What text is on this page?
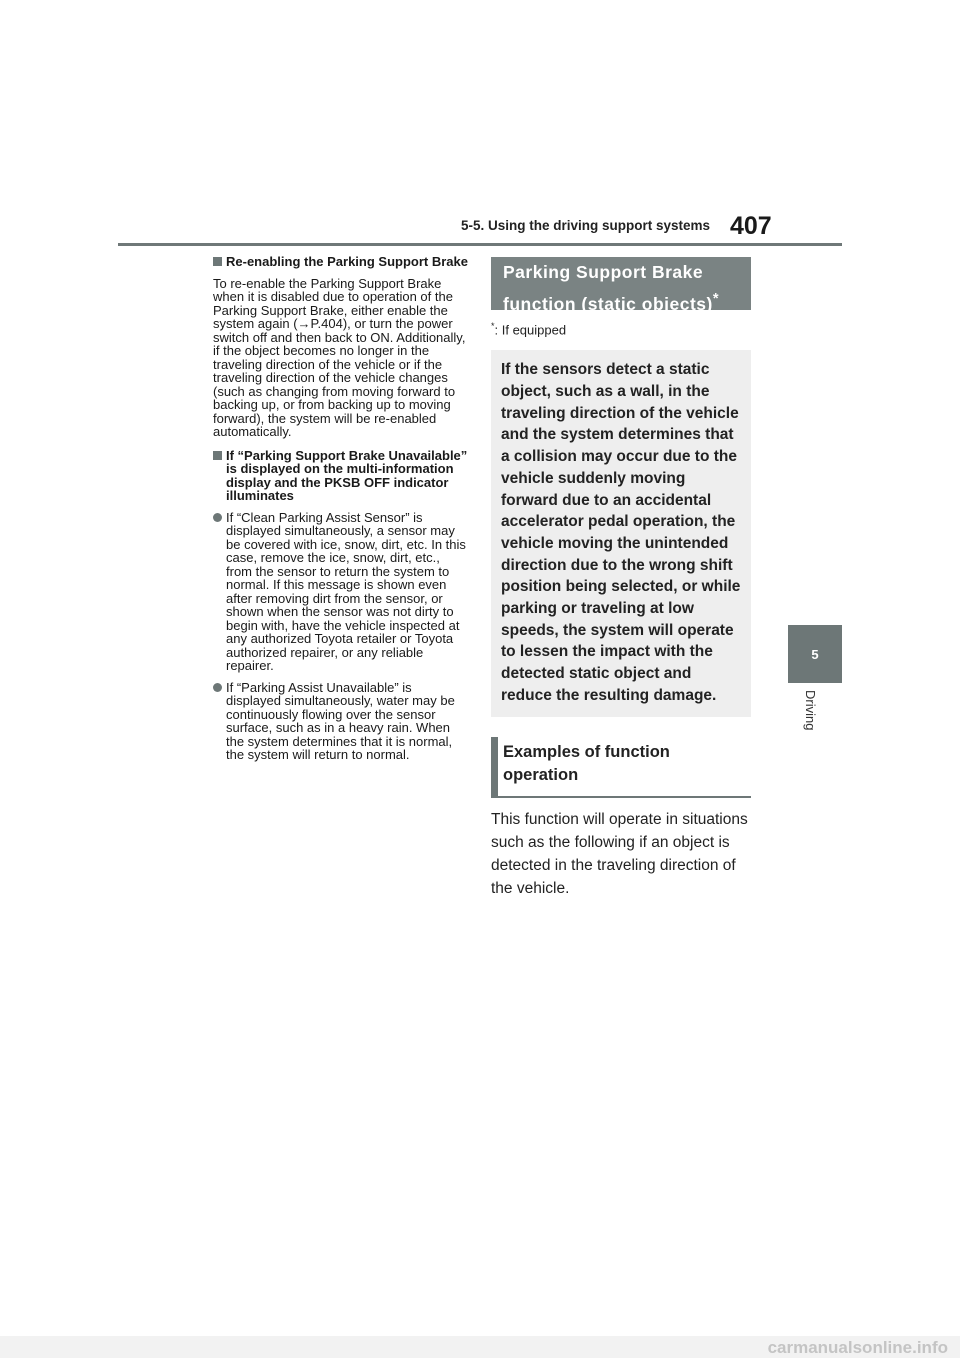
5-5. Using the driving support systems 407
5
Driving
Re-enabling the Parking Support Brake

To re-enable the Parking Support Brake when it is disabled due to operation of the Parking Support Brake, either enable the system again (→P.404), or turn the power switch off and then back to ON. Additionally, if the object becomes no longer in the traveling direction of the vehicle or if the traveling direction of the vehicle changes (such as changing from moving forward to backing up, or from backing up to moving forward), the system will be re-enabled automatically.

If “Parking Support Brake Unavailable” is displayed on the multi-information display and the PKSB OFF indicator illuminates
If “Clean Parking Assist Sensor” is displayed simultaneously, a sensor may be covered with ice, snow, dirt, etc. In this case, remove the ice, snow, dirt, etc., from the sensor to return the system to normal. If this message is shown even after removing dirt from the sensor, or shown when the sensor was not dirty to begin with, have the vehicle inspected at any authorized Toyota retailer or Toyota authorized repairer, or any reliable repairer.
If “Parking Assist Unavailable” is displayed simultaneously, water may be continuously flowing over the sensor surface, such as in a heavy rain. When the system determines that it is normal, the system will return to normal.
Parking Support Brake function (static objects)*
*: If equipped
If the sensors detect a static object, such as a wall, in the traveling direction of the vehicle and the system determines that a collision may occur due to the vehicle suddenly moving forward due to an accidental accelerator pedal operation, the vehicle moving the unintended direction due to the wrong shift position being selected, or while parking or traveling at low speeds, the system will operate to lessen the impact with the detected static object and reduce the resulting damage.
Examples of function operation
This function will operate in situations such as the following if an object is detected in the traveling direction of the vehicle.
carmanualsonline.info
